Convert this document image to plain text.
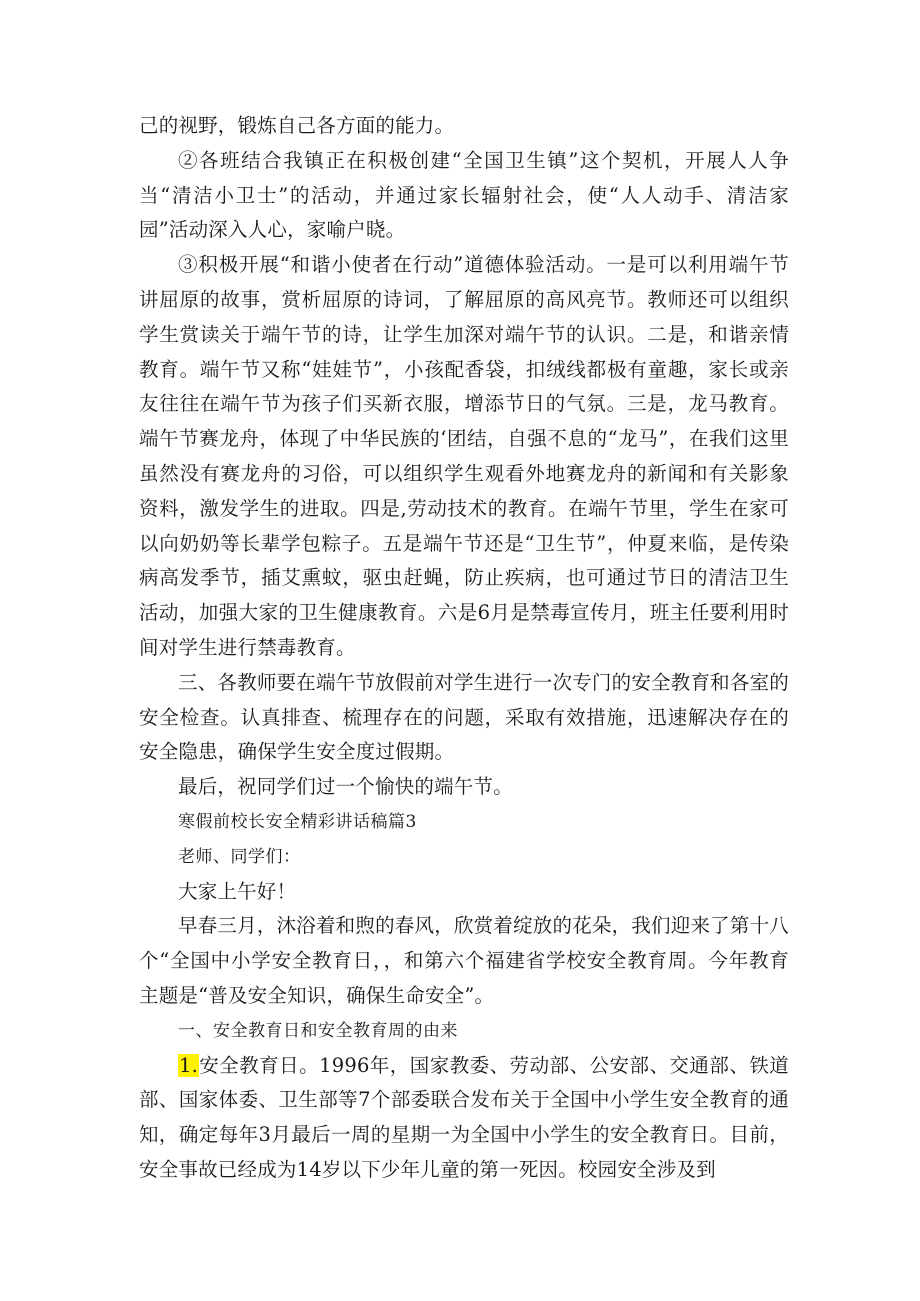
己的视野，锻炼自己各方面的能力。

②各班结合我镇正在积极创建“全国卫生镇”这个契机，开展人人争当“清洁小卫士”的活动，并通过家长辐射社会，使“人人动手、清洁家园”活动深入人心，家喻户晓。

③积极开展“和谐小使者在行动”道德体验活动。一是可以利用端午节讲屈原的故事，赏析屈原的诗词，了解屈原的高风亮节。教师还可以组织学生赏读关于端午节的诗，让学生加深对端午节的认识。二是，和谐亲情教育。端午节又称“娃娃节”，小孩配香袋，扣绒线都极有童趣，家长或亲友往往在端午节为孩子们买新衣服，增添节日的气氛。三是，龙马教育。端午节赛龙舟，体现了中华民族的‘团结，自强不息的“龙马”，在我们这里虽然没有赛龙舟的习俗，可以组织学生观看外地赛龙舟的新闻和有关影象资料，激发学生的进取。四是,劳动技术的教育。在端午节里，学生在家可以向奶奶等长辈学包粽子。五是端午节还是“卫生节”，仲夏来临，是传染病高发季节，插艾熏蚊，驱虫赶蝇，防止疾病，也可通过节日的清洁卫生活动，加强大家的卫生健康教育。六是6月是禁毒宣传月，班主任要利用时间对学生进行禁毒教育。

三、各教师要在端午节放假前对学生进行一次专门的安全教育和各室的安全检查。认真排查、梳理存在的问题，采取有效措施，迅速解决存在的安全隐患，确保学生安全度过假期。

最后，祝同学们过一个愉快的端午节。

寒假前校长安全精彩讲话稿篇3

老师、同学们：

大家上午好！

早春三月，沐浴着和煦的春风，欣赏着绽放的花朵，我们迎来了第十八个“全国中小学安全教育日，，和第六个福建省学校安全教育周。今年教育主题是“普及安全知识，确保生命安全”。

一、安全教育日和安全教育周的由来

1.安全教育日。1996年，国家教委、劳动部、公安部、交通部、铁道部、国家体委、卫生部等7个部委联合发布关于全国中小学生安全教育的通知，确定每年3月最后一周的星期一为全国中小学生的安全教育日。目前，安全事故已经成为14岁以下少年儿童的第一死因。校园安全涉及到
